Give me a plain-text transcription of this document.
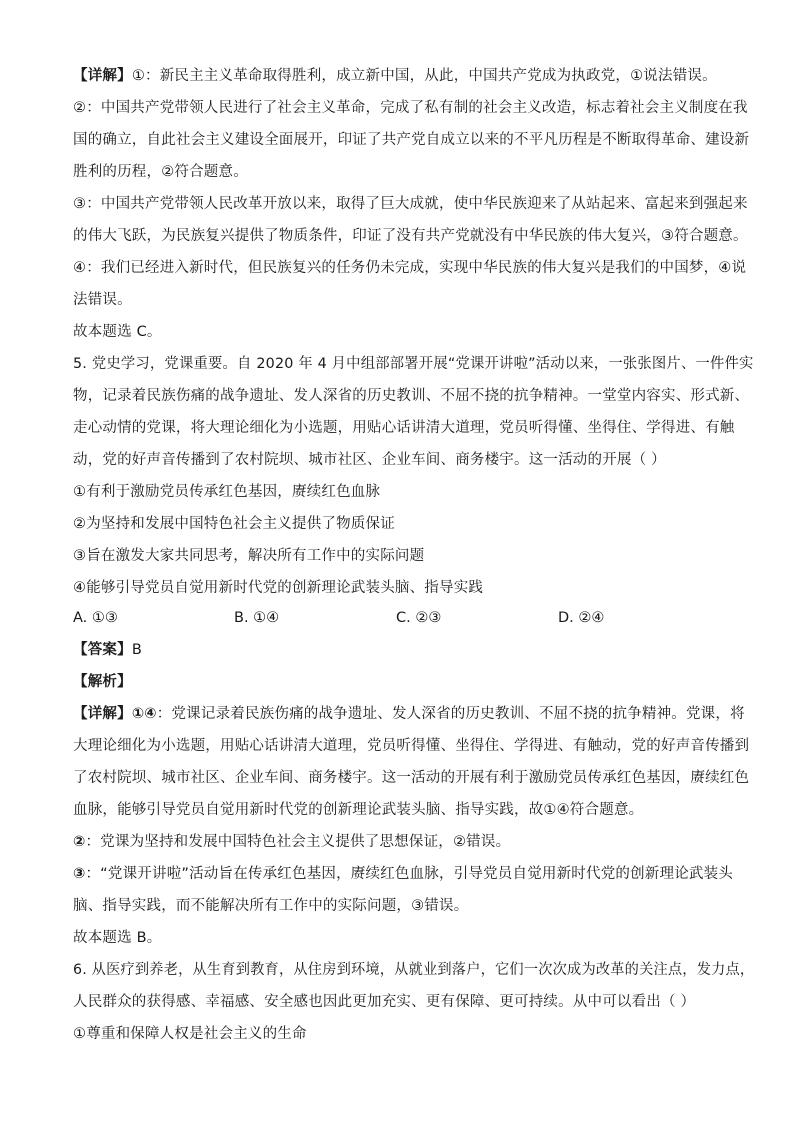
【详解】①：新民主主义革命取得胜利，成立新中国，从此，中国共产党成为执政党，①说法错误。
②：中国共产党带领人民进行了社会主义革命，完成了私有制的社会主义改造，标志着社会主义制度在我
国的确立，自此社会主义建设全面展开，印证了共产党自成立以来的不平凡历程是不断取得革命、建设新
胜利的历程，②符合题意。
③：中国共产党带领人民改革开放以来，取得了巨大成就，使中华民族迎来了从站起来、富起来到强起来
的伟大飞跃，为民族复兴提供了物质条件，印证了没有共产党就没有中华民族的伟大复兴，③符合题意。
④：我们已经进入新时代，但民族复兴的任务仍未完成，实现中华民族的伟大复兴是我们的中国梦，④说
法错误。
故本题选 C。
5. 党史学习，党课重要。自 2020 年 4 月中组部部署开展“党课开讲啦”活动以来，一张张图片、一件件实
物，记录着民族伤痛的战争遗址、发人深省的历史教训、不屈不挠的抗争精神。一堂堂内容实、形式新、
走心动情的党课，将大理论细化为小选题，用贴心话讲清大道理，党员听得懂、坐得住、学得进、有触
动，党的好声音传播到了农村院坝、城市社区、企业车间、商务楼宇。这一活动的开展（ ）
①有利于激励党员传承红色基因，赓续红色血脉
②为坚持和发展中国特色社会主义提供了物质保证
③旨在激发大家共同思考，解决所有工作中的实际问题
④能够引导党员自觉用新时代党的创新理论武装头脑、指导实践
A. ①③	B. ①④	C. ②③	D. ②④
【答案】B
【解析】
【详解】①④：党课记录着民族伤痛的战争遗址、发人深省的历史教训、不屈不挠的抗争精神。党课，将
大理论细化为小选题，用贴心话讲清大道理，党员听得懂、坐得住、学得进、有触动，党的好声音传播到
了农村院坝、城市社区、企业车间、商务楼宇。这一活动的开展有利于激励党员传承红色基因，赓续红色
血脉，能够引导党员自觉用新时代党的创新理论武装头脑、指导实践，故①④符合题意。
②：党课为坚持和发展中国特色社会主义提供了思想保证，②错误。
③：“党课开讲啦”活动旨在传承红色基因，赓续红色血脉，引导党员自觉用新时代党的创新理论武装头
脑、指导实践，而不能解决所有工作中的实际问题，③错误。
故本题选 B。
6. 从医疗到养老，从生育到教育，从住房到环境，从就业到落户，它们一次次成为改革的关注点，发力点，
人民群众的获得感、幸福感、安全感也因此更加充实、更有保障、更可持续。从中可以看出（ ）
①尊重和保障人权是社会主义的生命
